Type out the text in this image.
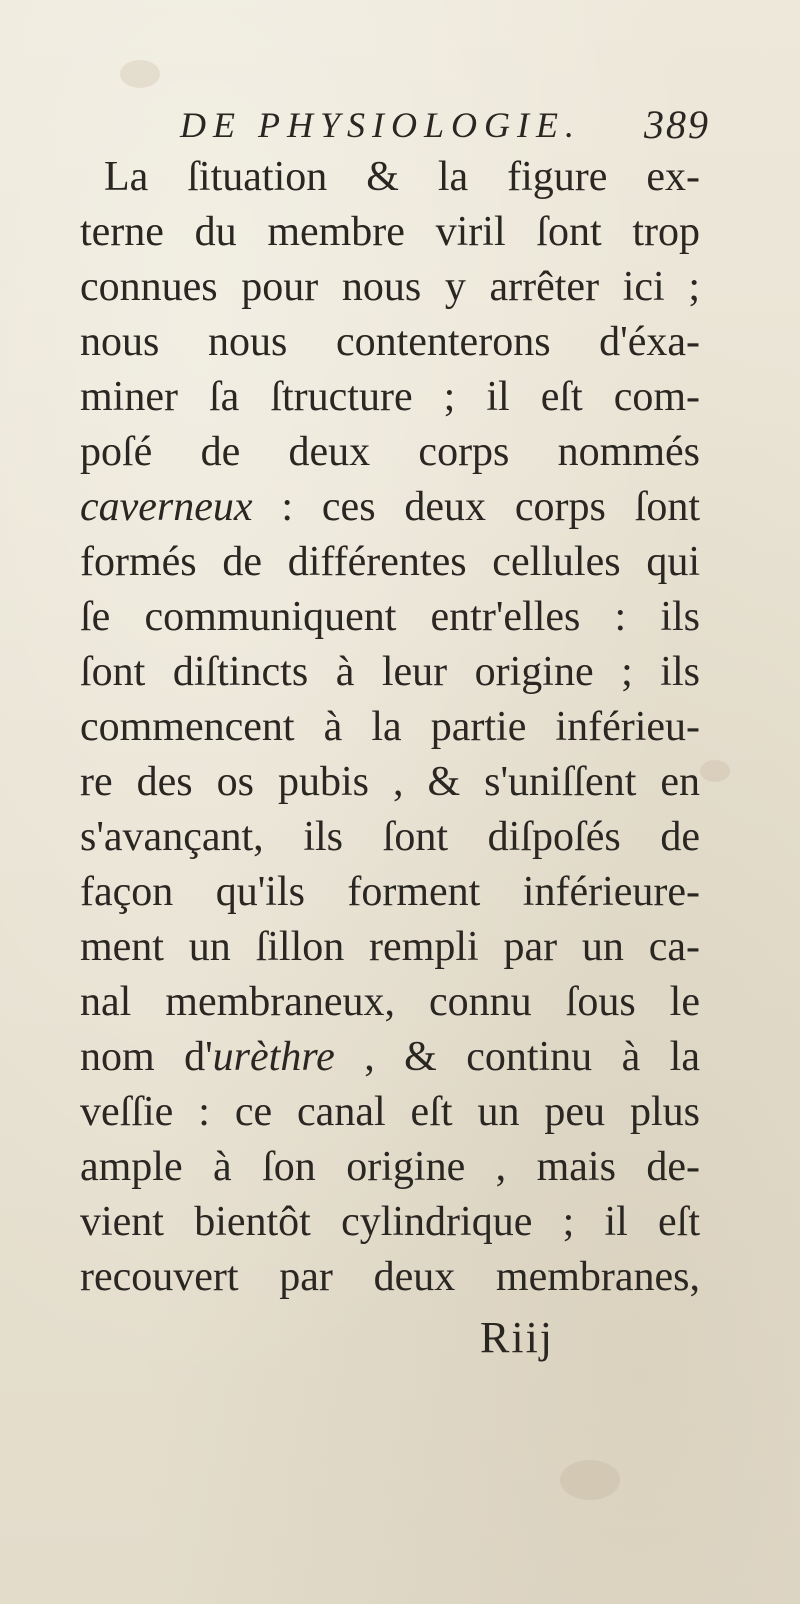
DE PHYSIOLOGIE. 389
La ſituation & la figure ex-
terne du membre viril ſont trop
connues pour nous y arrêter ici ;
nous nous contenterons d'éxa-
miner ſa ſtructure ; il eſt com-
poſé de deux corps nommés
caverneux : ces deux corps ſont
formés de différentes cellules qui
ſe communiquent entr'elles : ils
ſont diſtincts à leur origine ; ils
commencent à la partie inférieu-
re des os pubis , & s'uniſſent en
s'avançant, ils ſont diſpoſés de
façon qu'ils forment inférieure-
ment un ſillon rempli par un ca-
nal membraneux, connu ſous le
nom d'urèthre , & continu à la
veſſie : ce canal eſt un peu plus
ample à ſon origine , mais de-
vient bientôt cylindrique ; il eſt
recouvert par deux membranes,
Riij
